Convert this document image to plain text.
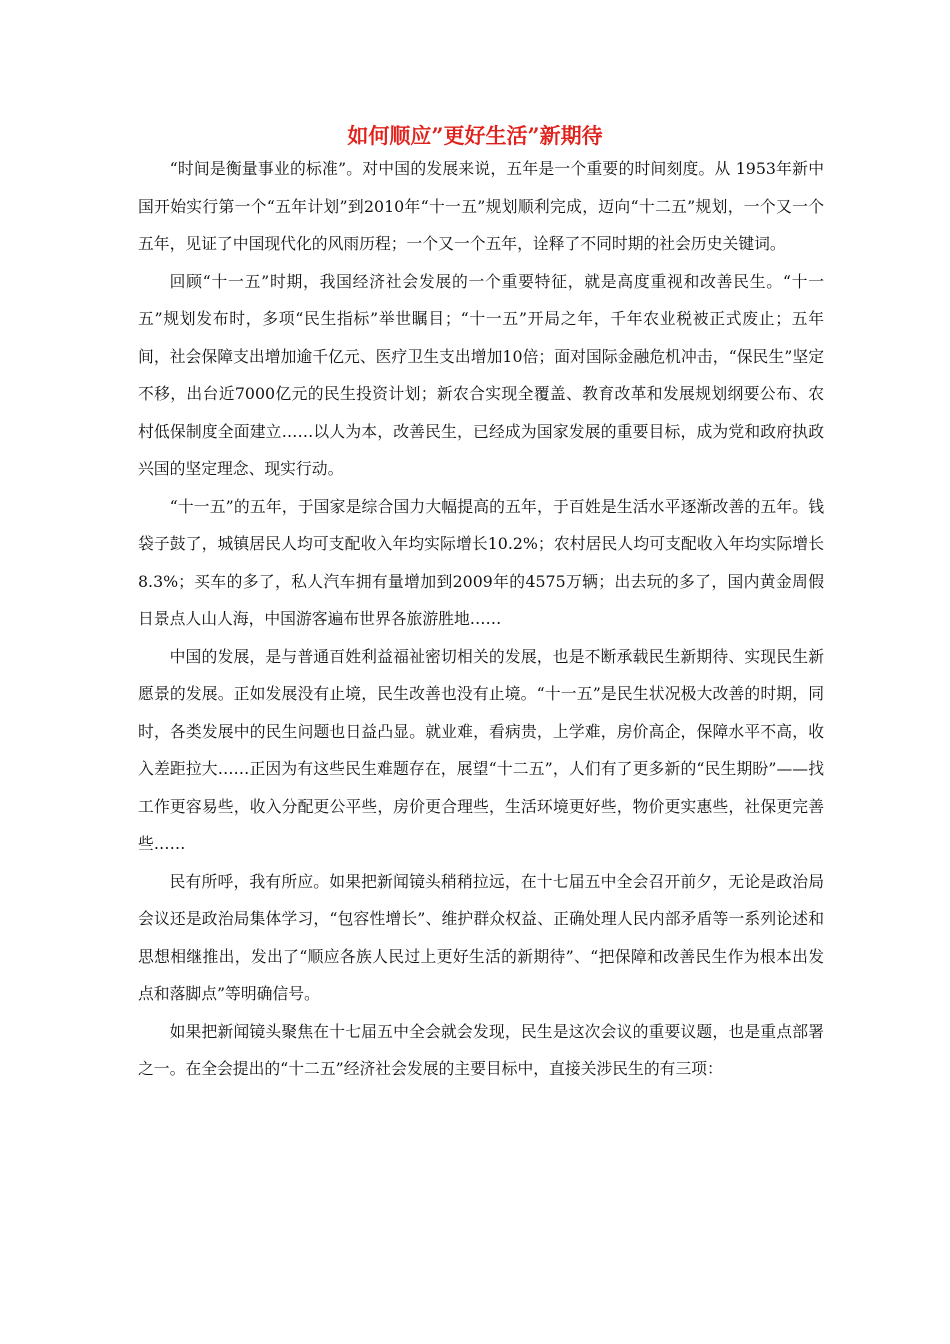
如何顺应”更好生活”新期待

“时间是衡量事业的标准”。对中国的发展来说，五年是一个重要的时间刻度。从 1953年新中国开始实行第一个“五年计划”到2010年“十一五”规划顺利完成，迈向“十二五”规划，一个又一个五年，见证了中国现代化的风雨历程；一个又一个五年，诠释了不同时期的社会历史关键词。

回顾“十一五”时期，我国经济社会发展的一个重要特征，就是高度重视和改善民生。“十一五”规划发布时，多项“民生指标”举世瞩目；“十一五”开局之年，千年农业税被正式废止；五年间，社会保障支出增加逾千亿元、医疗卫生支出增加10倍；面对国际金融危机冲击，“保民生”坚定不移，出台近7000亿元的民生投资计划；新农合实现全覆盖、教育改革和发展规划纲要公布、农村低保制度全面建立……以人为本，改善民生，已经成为国家发展的重要目标，成为党和政府执政兴国的坚定理念、现实行动。

“十一五”的五年，于国家是综合国力大幅提高的五年，于百姓是生活水平逐渐改善的五年。钱袋子鼓了，城镇居民人均可支配收入年均实际增长10.2%；农村居民人均可支配收入年均实际增长8.3%；买车的多了，私人汽车拥有量增加到2009年的4575万辆；出去玩的多了，国内黄金周假日景点人山人海，中国游客遍布世界各旅游胜地……

中国的发展，是与普通百姓利益福祉密切相关的发展，也是不断承载民生新期待、实现民生新愿景的发展。正如发展没有止境，民生改善也没有止境。“十一五”是民生状况极大改善的时期，同时，各类发展中的民生问题也日益凸显。就业难，看病贵，上学难，房价高企，保障水平不高，收入差距拉大……正因为有这些民生难题存在，展望“十二五”，人们有了更多新的“民生期盼”——找工作更容易些，收入分配更公平些，房价更合理些，生活环境更好些，物价更实惠些，社保更完善些……

民有所呼，我有所应。如果把新闻镜头稍稍拉远，在十七届五中全会召开前夕，无论是政治局会议还是政治局集体学习，“包容性增长”、维护群众权益、正确处理人民内部矛盾等一系列论述和思想相继推出，发出了“顺应各族人民过上更好生活的新期待”、“把保障和改善民生作为根本出发点和落脚点”等明确信号。

如果把新闻镜头聚焦在十七届五中全会就会发现，民生是这次会议的重要议题，也是重点部署之一。在全会提出的“十二五”经济社会发展的主要目标中，直接关涉民生的有三项：
